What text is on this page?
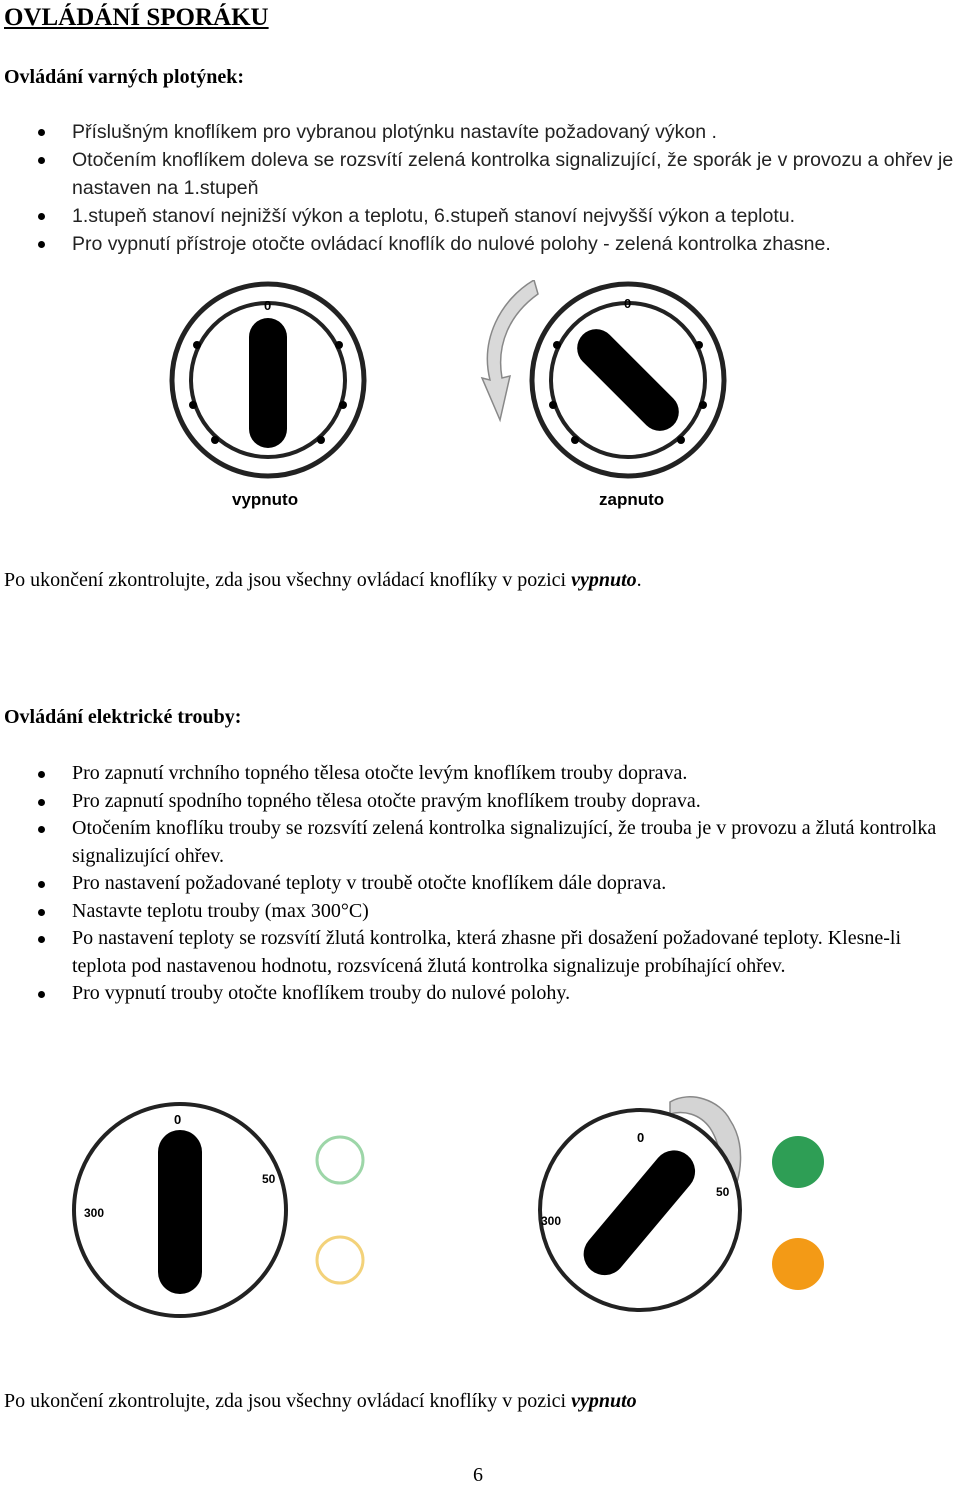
OVLÁDÁNÍ SPORÁKU
Ovládání varných plotýnek:
Příslušným knoflíkem pro vybranou plotýnku nastavíte požadovaný výkon .
Otočením knoflíkem doleva se rozsvítí zelená kontrolka signalizující, že sporák je v provozu a ohřev je nastaven na 1.stupeň
1.stupeň stanoví nejnižší výkon a teplotu, 6.stupeň stanoví nejvyšší výkon a teplotu.
Pro vypnutí přístroje otočte ovládací knoflík do nulové polohy - zelená kontrolka zhasne.
0	0
vypnuto	zapnuto
Po ukončení zkontrolujte, zda jsou všechny ovládací knoflíky v pozici vypnuto.
Ovládání elektrické trouby:
Pro zapnutí vrchního topného tělesa otočte levým knoflíkem trouby doprava.
Pro zapnutí spodního topného tělesa otočte pravým knoflíkem trouby doprava.
Otočením knoflíku trouby se rozsvítí zelená kontrolka signalizující, že trouba je v provozu a žlutá kontrolka signalizující ohřev.
Pro nastavení požadované teploty v troubě otočte knoflíkem dále doprava.
Nastavte teplotu trouby (max 300°C)
Po nastavení teploty se rozsvítí žlutá kontrolka, která zhasne při dosažení požadované teploty. Klesne-li teplota pod nastavenou hodnotu, rozsvícená žlutá kontrolka signalizuje probíhající ohřev.
Pro vypnutí trouby otočte knoflíkem trouby do nulové polohy.
0
50
300
0
50
300
Po ukončení zkontrolujte, zda jsou všechny ovládací knoflíky v pozici vypnuto
6
